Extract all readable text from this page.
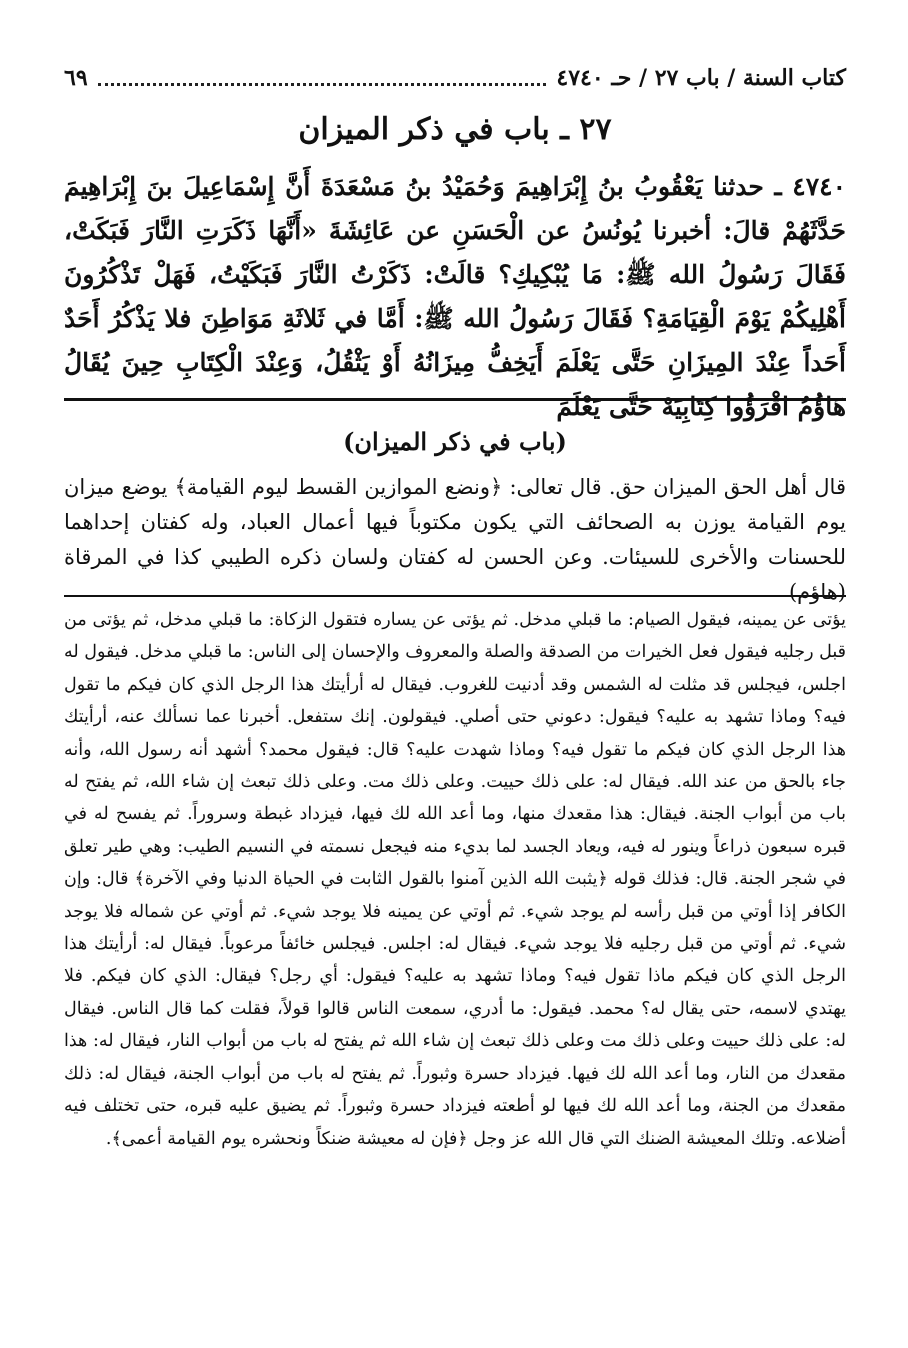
كتاب السنة / باب ٢٧ / حـ ٤٧٤٠
٦٩
٢٧ ـ باب في ذكر الميزان
٤٧٤٠ ـ حدثنا يَعْقُوبُ بنُ إِبْرَاهِيمَ وَحُمَيْدُ بنُ مَسْعَدَةَ أَنَّ إِسْمَاعِيلَ بنَ إِبْرَاهِيمَ حَدَّثَهُمْ قالَ: أخبرنا يُونُسُ عن الْحَسَنِ عن عَائِشَةَ «أَنَّهَا ذَكَرَتِ النَّارَ فَبَكَتْ، فَقَالَ رَسُولُ الله ﷺ: مَا يُبْكِيكِ؟ قالَتْ: ذَكَرْتُ النَّارَ فَبَكَيْتُ، فَهَلْ تَذْكُرُونَ أَهْلِيكُمْ يَوْمَ الْقِيَامَةِ؟ فَقَالَ رَسُولُ الله ﷺ: أَمَّا في ثَلاثَةِ مَوَاطِنَ فلا يَذْكُرُ أَحَدٌ أَحَداً عِنْدَ المِيزَانِ حَتَّى يَعْلَمَ أَيَخِفُّ مِيزَانُهُ أَوْ يَثْقُلُ، وَعِنْدَ الْكِتَابِ حِينَ يُقَالُ هَاؤُمُ اقْرَؤُوا كِتَابِيَهْ حَتَّى يَعْلَمَ
(باب في ذكر الميزان)
قال أهل الحق الميزان حق. قال تعالى: ﴿ونضع الموازين القسط ليوم القيامة﴾ يوضع ميزان يوم القيامة يوزن به الصحائف التي يكون مكتوباً فيها أعمال العباد، وله كفتان إحداهما للحسنات والأخرى للسيئات. وعن الحسن له كفتان ولسان ذكره الطيبي كذا في المرقاة (هاؤم)
يؤتى عن يمينه، فيقول الصيام: ما قبلي مدخل. ثم يؤتى عن يساره فتقول الزكاة: ما قبلي مدخل، ثم يؤتى من قبل رجليه فيقول فعل الخيرات من الصدقة والصلة والمعروف والإحسان إلى الناس: ما قبلي مدخل. فيقول له اجلس، فيجلس قد مثلت له الشمس وقد أدنيت للغروب. فيقال له أرأيتك هذا الرجل الذي كان فيكم ما تقول فيه؟ وماذا تشهد به عليه؟ فيقول: دعوني حتى أصلي. فيقولون. إنك ستفعل. أخبرنا عما نسألك عنه، أرأيتك هذا الرجل الذي كان فيكم ما تقول فيه؟ وماذا شهدت عليه؟ قال: فيقول محمد؟ أشهد أنه رسول الله، وأنه جاء بالحق من عند الله. فيقال له: على ذلك حييت. وعلى ذلك مت. وعلى ذلك تبعث إن شاء الله، ثم يفتح له باب من أبواب الجنة. فيقال: هذا مقعدك منها، وما أعد الله لك فيها، فيزداد غبطة وسروراً. ثم يفسح له في قبره سبعون ذراعاً وينور له فيه، ويعاد الجسد لما بديء منه فيجعل نسمته في النسيم الطيب: وهي طير تعلق في شجر الجنة. قال: فذلك قوله ﴿يثبت الله الذين آمنوا بالقول الثابت في الحياة الدنيا وفي الآخرة﴾ قال: وإن الكافر إذا أوتي من قبل رأسه لم يوجد شيء. ثم أوتي عن يمينه فلا يوجد شيء. ثم أوتي عن شماله فلا يوجد شيء. ثم أوتي من قبل رجليه فلا يوجد شيء. فيقال له: اجلس. فيجلس خائفاً مرعوباً. فيقال له: أرأيتك هذا الرجل الذي كان فيكم ماذا تقول فيه؟ وماذا تشهد به عليه؟ فيقول: أي رجل؟ فيقال: الذي كان فيكم. فلا يهتدي لاسمه، حتى يقال له؟ محمد. فيقول: ما أدري، سمعت الناس قالوا قولاً، فقلت كما قال الناس. فيقال له: على ذلك حييت وعلى ذلك مت وعلى ذلك تبعث إن شاء الله ثم يفتح له باب من أبواب النار، فيقال له: هذا مقعدك من النار، وما أعد الله لك فيها. فيزداد حسرة وثبوراً. ثم يفتح له باب من أبواب الجنة، فيقال له: ذلك مقعدك من الجنة، وما أعد الله لك فيها لو أطعته فيزداد حسرة وثبوراً. ثم يضيق عليه قبره، حتى تختلف فيه أضلاعه. وتلك المعيشة الضنك التي قال الله عز وجل ﴿فإن له معيشة ضنكاً ونحشره يوم القيامة أعمى﴾.
